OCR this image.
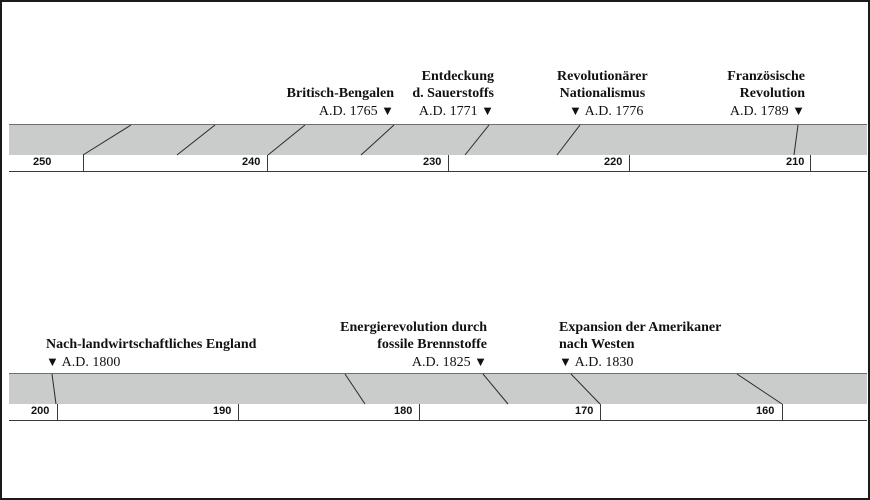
250	240	230	220	210
Britisch-Bengalen
A.D. 1765 ▼
Entdeckung
d. Sauerstoffs
A.D. 1771 ▼
Revolutionärer
Nationalismus
▼ A.D. 1776
Französische
Revolution
A.D. 1789 ▼
200	190	180	170	160
Nach-landwirtschaftliches England
▼ A.D. 1800
Energierevolution durch
fossile Brennstoffe
A.D. 1825 ▼
Expansion der Amerikaner
nach Westen
▼ A.D. 1830
